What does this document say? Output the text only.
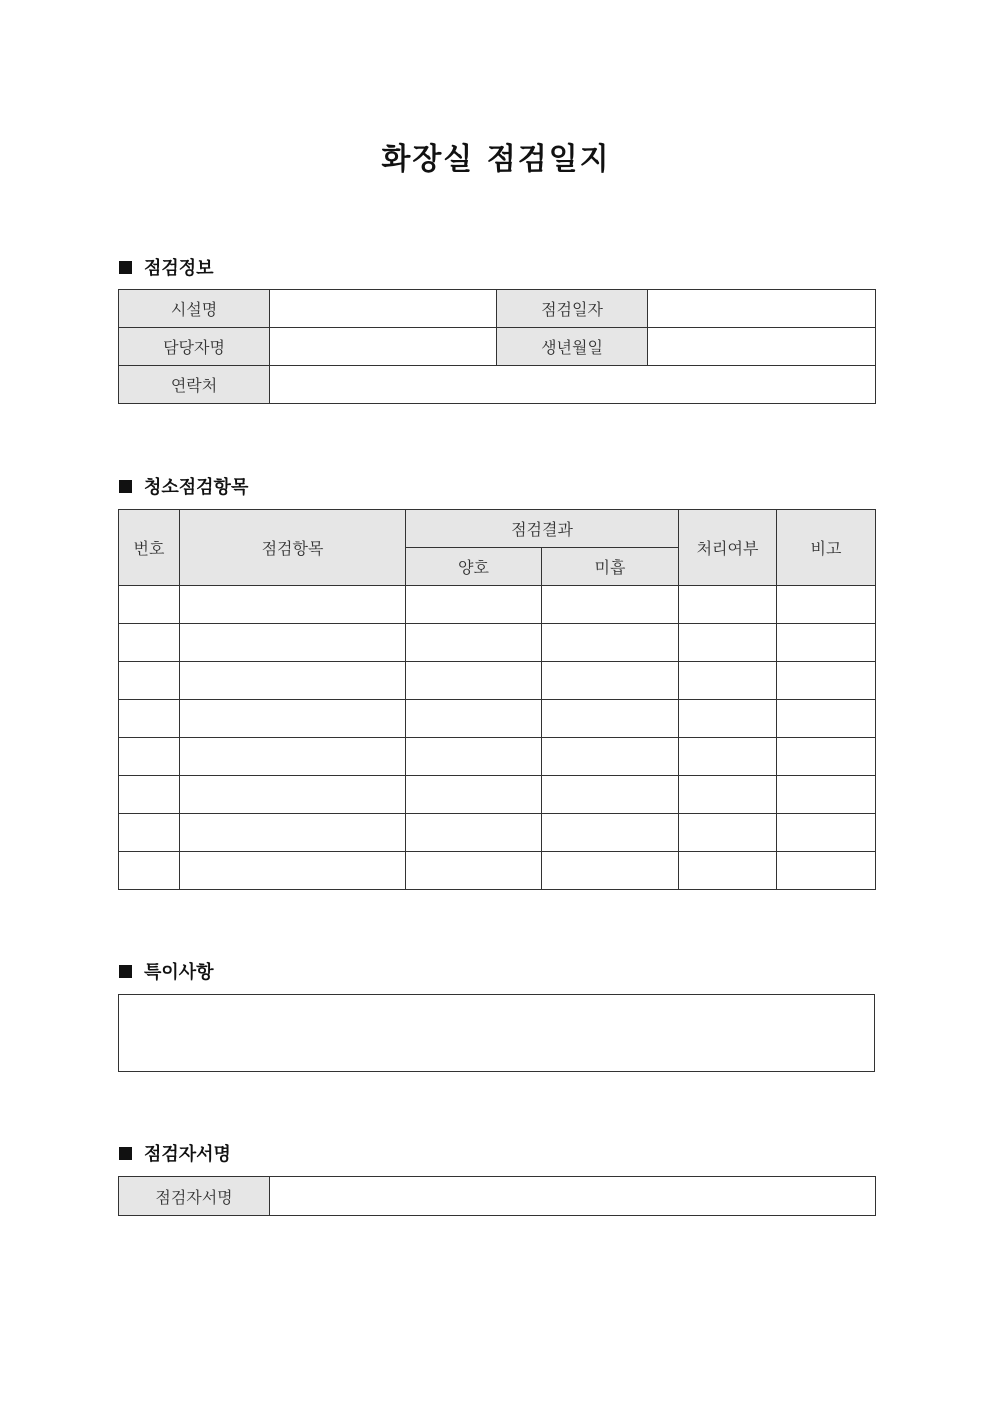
화장실 점검일지
점검정보
시설명		점검일자	
담당자명		생년월일	
연락처			
청소점검항목
번호	점검항목	점검결과		처리여부	비고
		양호	미흡		

특이사항
점검자서명
점검자서명	
